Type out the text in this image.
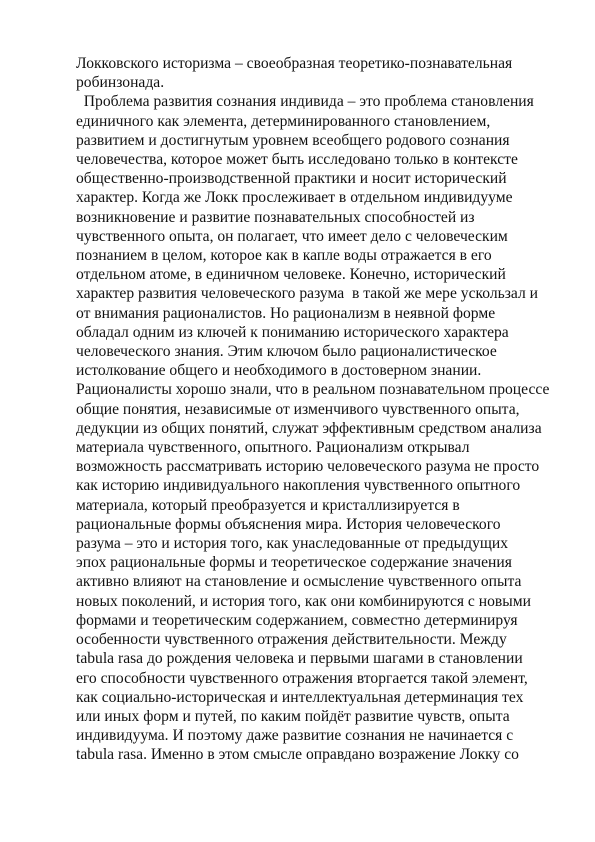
Локковского историзма – своеобразная теоретико-познавательная
робинзонада.
Проблема развития сознания индивида – это проблема становления
единичного как элемента, детерминированного становлением,
развитием и достигнутым уровнем всеобщего родового сознания
человечества, которое может быть исследовано только в контексте
общественно-производственной практики и носит исторический
характер. Когда же Локк прослеживает в отдельном индивидууме
возникновение и развитие познавательных способностей из
чувственного опыта, он полагает, что имеет дело с человеческим
познанием в целом, которое как в капле воды отражается в его
отдельном атоме, в единичном человеке. Конечно, исторический
характер развития человеческого разума  в такой же мере ускользал и
от внимания рационалистов. Но рационализм в неявной форме
обладал одним из ключей к пониманию исторического характера
человеческого знания. Этим ключом было рационалистическое
истолкование общего и необходимого в достоверном знании.
Рационалисты хорошо знали, что в реальном познавательном процессе
общие понятия, независимые от изменчивого чувственного опыта,
дедукции из общих понятий, служат эффективным средством анализа
материала чувственного, опытного. Рационализм открывал
возможность рассматривать историю человеческого разума не просто
как историю индивидуального накопления чувственного опытного
материала, который преобразуется и кристаллизируется в
рациональные формы объяснения мира. История человеческого
разума – это и история того, как унаследованные от предыдущих
эпох рациональные формы и теоретическое содержание значения
активно влияют на становление и осмысление чувственного опыта
новых поколений, и история того, как они комбинируются с новыми
формами и теоретическим содержанием, совместно детерминируя
особенности чувственного отражения действительности. Между
tabula rasa до рождения человека и первыми шагами в становлении
его способности чувственного отражения вторгается такой элемент,
как социально-историческая и интеллектуальная детерминация тех
или иных форм и путей, по каким пойдёт развитие чувств, опыта
индивидуума. И поэтому даже развитие сознания не начинается с
tabula rasa. Именно в этом смысле оправдано возражение Локку со
